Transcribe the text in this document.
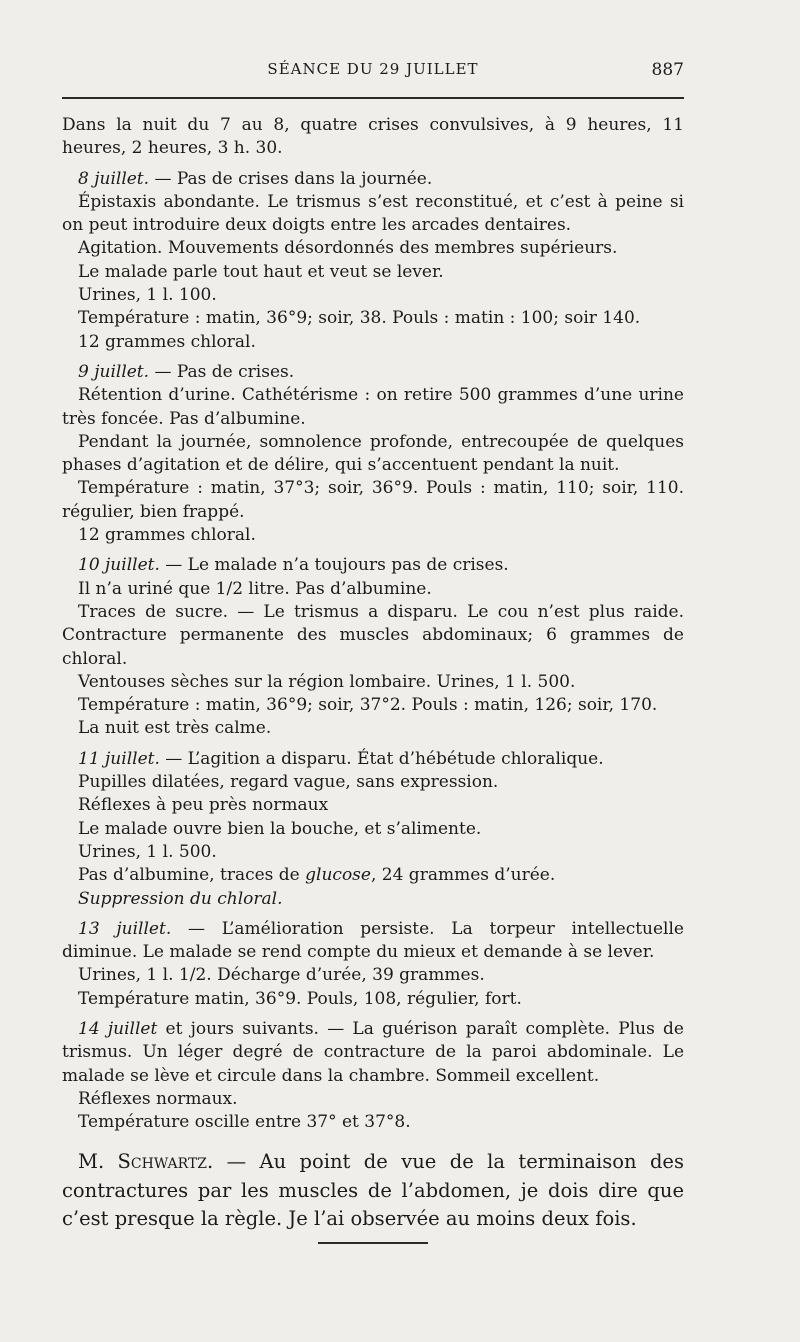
SÉANCE DU 29 JUILLET	887

Dans la nuit du 7 au 8, quatre crises convulsives, à 9 heures, 11 heures, 2 heures, 3 h. 30.

8 juillet. — Pas de crises dans la journée.

Épistaxis abondante. Le trismus s’est reconstitué, et c’est à peine si on peut introduire deux doigts entre les arcades dentaires.

Agitation. Mouvements désordonnés des membres supérieurs.

Le malade parle tout haut et veut se lever.

Urines, 1 l. 100.

Température : matin, 36°9; soir, 38. Pouls : matin : 100; soir 140.

12 grammes chloral.

9 juillet. — Pas de crises.

Rétention d’urine. Cathétérisme : on retire 500 grammes d’une urine très foncée. Pas d’albumine.

Pendant la journée, somnolence profonde, entrecoupée de quelques phases d’agitation et de délire, qui s’accentuent pendant la nuit.

Température : matin, 37°3; soir, 36°9. Pouls : matin, 110; soir, 110. régulier, bien frappé.

12 grammes chloral.

10 juillet. — Le malade n’a toujours pas de crises.

Il n’a uriné que 1/2 litre. Pas d’albumine.

Traces de sucre. — Le trismus a disparu. Le cou n’est plus raide. Contracture permanente des muscles abdominaux; 6 grammes de chloral.

Ventouses sèches sur la région lombaire. Urines, 1 l. 500.

Température : matin, 36°9; soir, 37°2. Pouls : matin, 126; soir, 170.

La nuit est très calme.

11 juillet. — L’agition a disparu. État d’hébétude chloralique.

Pupilles dilatées, regard vague, sans expression.

Réflexes à peu près normaux

Le malade ouvre bien la bouche, et s’alimente.

Urines, 1 l. 500.

Pas d’albumine, traces de glucose, 24 grammes d’urée.

Suppression du chloral.

13 juillet. — L’amélioration persiste. La torpeur intellectuelle diminue. Le malade se rend compte du mieux et demande à se lever.

Urines, 1 l. 1/2. Décharge d’urée, 39 grammes.

Température matin, 36°9. Pouls, 108, régulier, fort.

14 juillet et jours suivants. — La guérison paraît complète. Plus de trismus. Un léger degré de contracture de la paroi abdominale. Le malade se lève et circule dans la chambre. Sommeil excellent.

Réflexes normaux.

Température oscille entre 37° et 37°8.

M. Schwartz. — Au point de vue de la terminaison des contractures par les muscles de l’abdomen, je dois dire que c’est presque la règle. Je l’ai observée au moins deux fois.
